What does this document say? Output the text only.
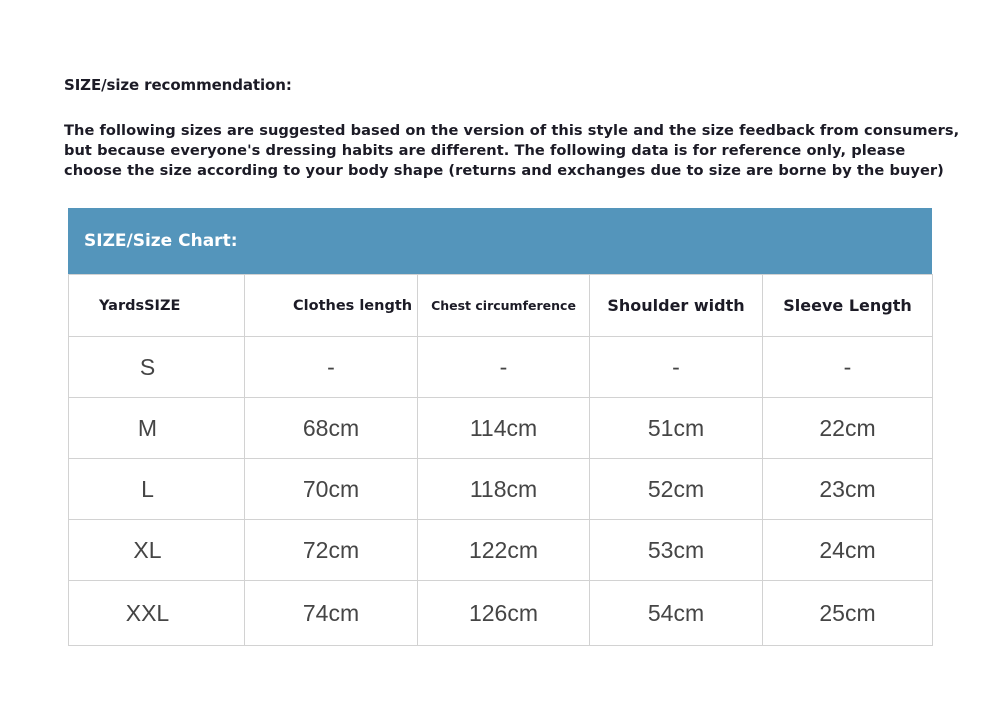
SIZE/size recommendation:
The following sizes are suggested based on the version of this style and the size feedback from consumers,
but because everyone's dressing habits are different. The following data is for reference only, please
choose the size according to your body shape (returns and exchanges due to size are borne by the buyer)
SIZE/Size Chart:
YardsSIZE	Clothes length	Chest circumference	Shoulder width	Sleeve Length
S	-	-	-	-
M	68cm	114cm	51cm	22cm
L	70cm	118cm	52cm	23cm
XL	72cm	122cm	53cm	24cm
XXL	74cm	126cm	54cm	25cm
